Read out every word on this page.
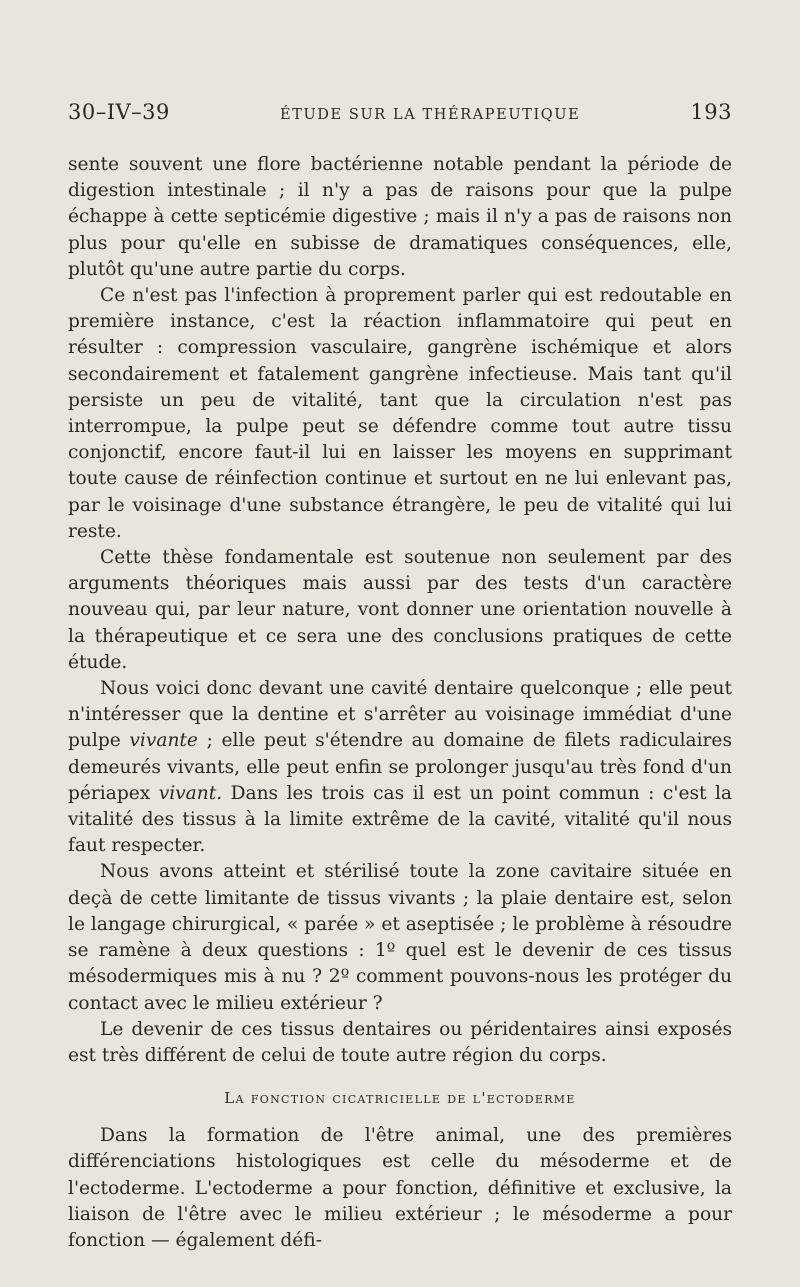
30–IV–39	ÉTUDE SUR LA THÉRAPEUTIQUE	193

sente souvent une flore bactérienne notable pendant la période de digestion intestinale ; il n'y a pas de raisons pour que la pulpe échappe à cette septicémie digestive ; mais il n'y a pas de raisons non plus pour qu'elle en subisse de dramatiques conséquences, elle, plutôt qu'une autre partie du corps.

Ce n'est pas l'infection à proprement parler qui est redoutable en première instance, c'est la réaction inflammatoire qui peut en résulter : compression vasculaire, gangrène ischémique et alors secondairement et fatalement gangrène infectieuse. Mais tant qu'il persiste un peu de vitalité, tant que la circulation n'est pas interrompue, la pulpe peut se défendre comme tout autre tissu conjonctif, encore faut-il lui en laisser les moyens en supprimant toute cause de réinfection continue et surtout en ne lui enlevant pas, par le voisinage d'une substance étrangère, le peu de vitalité qui lui reste.

Cette thèse fondamentale est soutenue non seulement par des arguments théoriques mais aussi par des tests d'un caractère nouveau qui, par leur nature, vont donner une orientation nouvelle à la thérapeutique et ce sera une des conclusions pratiques de cette étude.

Nous voici donc devant une cavité dentaire quelconque ; elle peut n'intéresser que la dentine et s'arrêter au voisinage immédiat d'une pulpe vivante ; elle peut s'étendre au domaine de filets radiculaires demeurés vivants, elle peut enfin se prolonger jusqu'au très fond d'un périapex vivant. Dans les trois cas il est un point commun : c'est la vitalité des tissus à la limite extrême de la cavité, vitalité qu'il nous faut respecter.

Nous avons atteint et stérilisé toute la zone cavitaire située en deçà de cette limitante de tissus vivants ; la plaie dentaire est, selon le langage chirurgical, « parée » et aseptisée ; le problème à résoudre se ramène à deux questions : 1º quel est le devenir de ces tissus mésodermiques mis à nu ? 2º comment pouvons-nous les protéger du contact avec le milieu extérieur ?

Le devenir de ces tissus dentaires ou péridentaires ainsi exposés est très différent de celui de toute autre région du corps.

La fonction cicatricielle de l'ectoderme

Dans la formation de l'être animal, une des premières différenciations histologiques est celle du mésoderme et de l'ectoderme. L'ectoderme a pour fonction, définitive et exclusive, la liaison de l'être avec le milieu extérieur ; le mésoderme a pour fonction — également défi-
